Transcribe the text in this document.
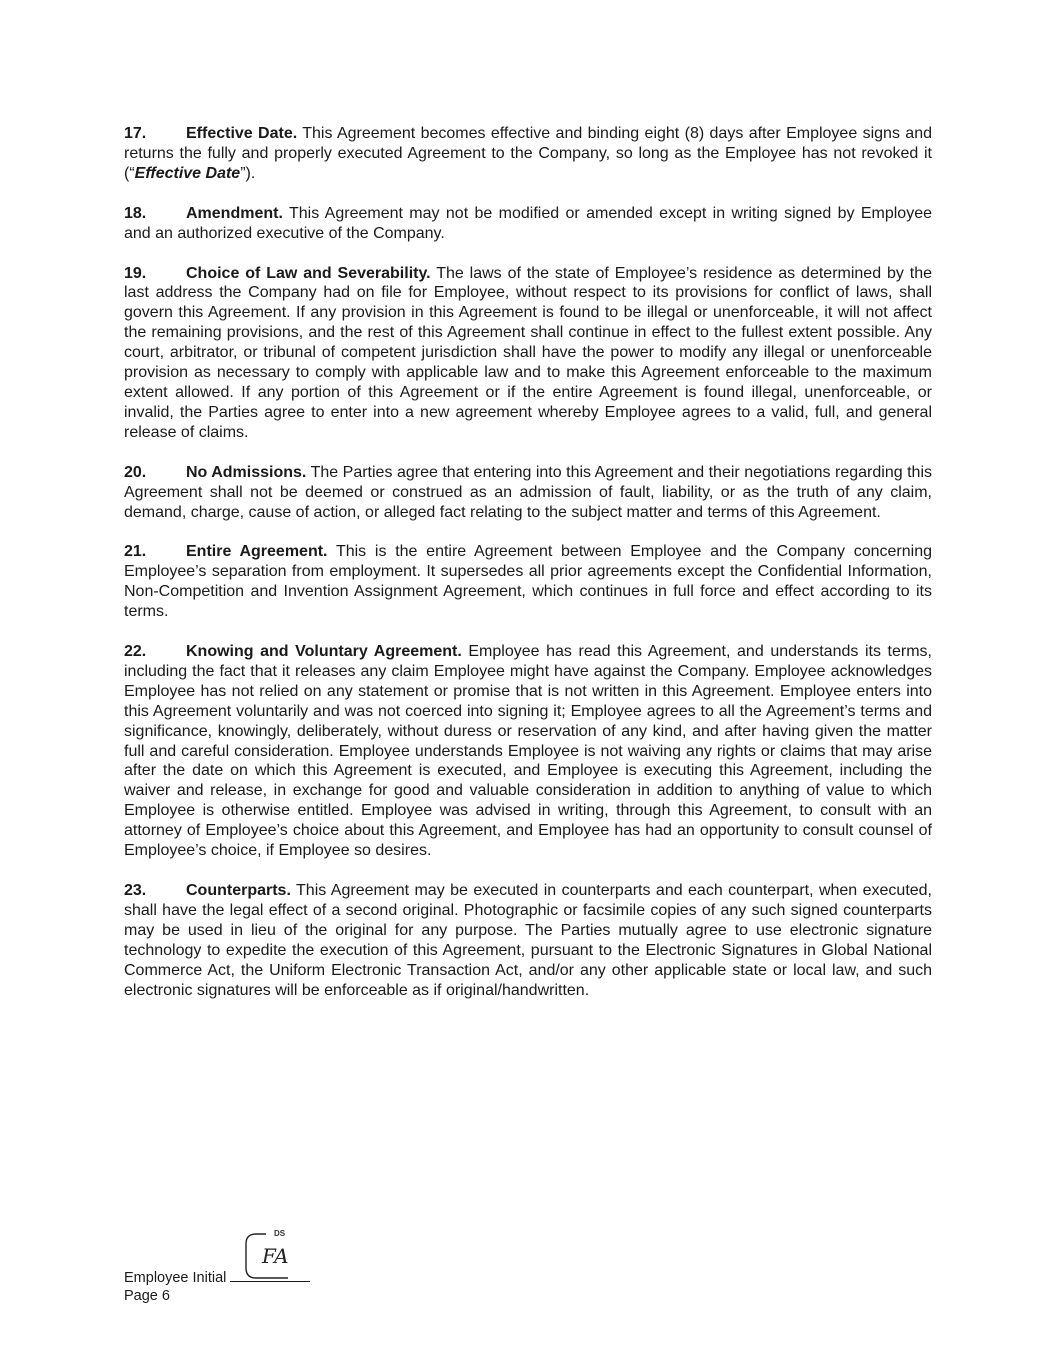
17. Effective Date. This Agreement becomes effective and binding eight (8) days after Employee signs and returns the fully and properly executed Agreement to the Company, so long as the Employee has not revoked it (“Effective Date”).

18. Amendment. This Agreement may not be modified or amended except in writing signed by Employee and an authorized executive of the Company.

19. Choice of Law and Severability. The laws of the state of Employee’s residence as determined by the last address the Company had on file for Employee, without respect to its provisions for conflict of laws, shall govern this Agreement. If any provision in this Agreement is found to be illegal or unenforceable, it will not affect the remaining provisions, and the rest of this Agreement shall continue in effect to the fullest extent possible. Any court, arbitrator, or tribunal of competent jurisdiction shall have the power to modify any illegal or unenforceable provision as necessary to comply with applicable law and to make this Agreement enforceable to the maximum extent allowed. If any portion of this Agreement or if the entire Agreement is found illegal, unenforceable, or invalid, the Parties agree to enter into a new agreement whereby Employee agrees to a valid, full, and general release of claims.

20. No Admissions. The Parties agree that entering into this Agreement and their negotiations regarding this Agreement shall not be deemed or construed as an admission of fault, liability, or as the truth of any claim, demand, charge, cause of action, or alleged fact relating to the subject matter and terms of this Agreement.

21. Entire Agreement. This is the entire Agreement between Employee and the Company concerning Employee’s separation from employment. It supersedes all prior agreements except the Confidential Information, Non-Competition and Invention Assignment Agreement, which continues in full force and effect according to its terms.

22. Knowing and Voluntary Agreement. Employee has read this Agreement, and understands its terms, including the fact that it releases any claim Employee might have against the Company. Employee acknowledges Employee has not relied on any statement or promise that is not written in this Agreement. Employee enters into this Agreement voluntarily and was not coerced into signing it; Employee agrees to all the Agreement’s terms and significance, knowingly, deliberately, without duress or reservation of any kind, and after having given the matter full and careful consideration. Employee understands Employee is not waiving any rights or claims that may arise after the date on which this Agreement is executed, and Employee is executing this Agreement, including the waiver and release, in exchange for good and valuable consideration in addition to anything of value to which Employee is otherwise entitled. Employee was advised in writing, through this Agreement, to consult with an attorney of Employee’s choice about this Agreement, and Employee has had an opportunity to consult counsel of Employee’s choice, if Employee so desires.

23. Counterparts. This Agreement may be executed in counterparts and each counterpart, when executed, shall have the legal effect of a second original. Photographic or facsimile copies of any such signed counterparts may be used in lieu of the original for any purpose. The Parties mutually agree to use electronic signature technology to expedite the execution of this Agreement, pursuant to the Electronic Signatures in Global National Commerce Act, the Uniform Electronic Transaction Act, and/or any other applicable state or local law, and such electronic signatures will be enforceable as if original/handwritten.

DS
FA
Employee Initial
Page 6
